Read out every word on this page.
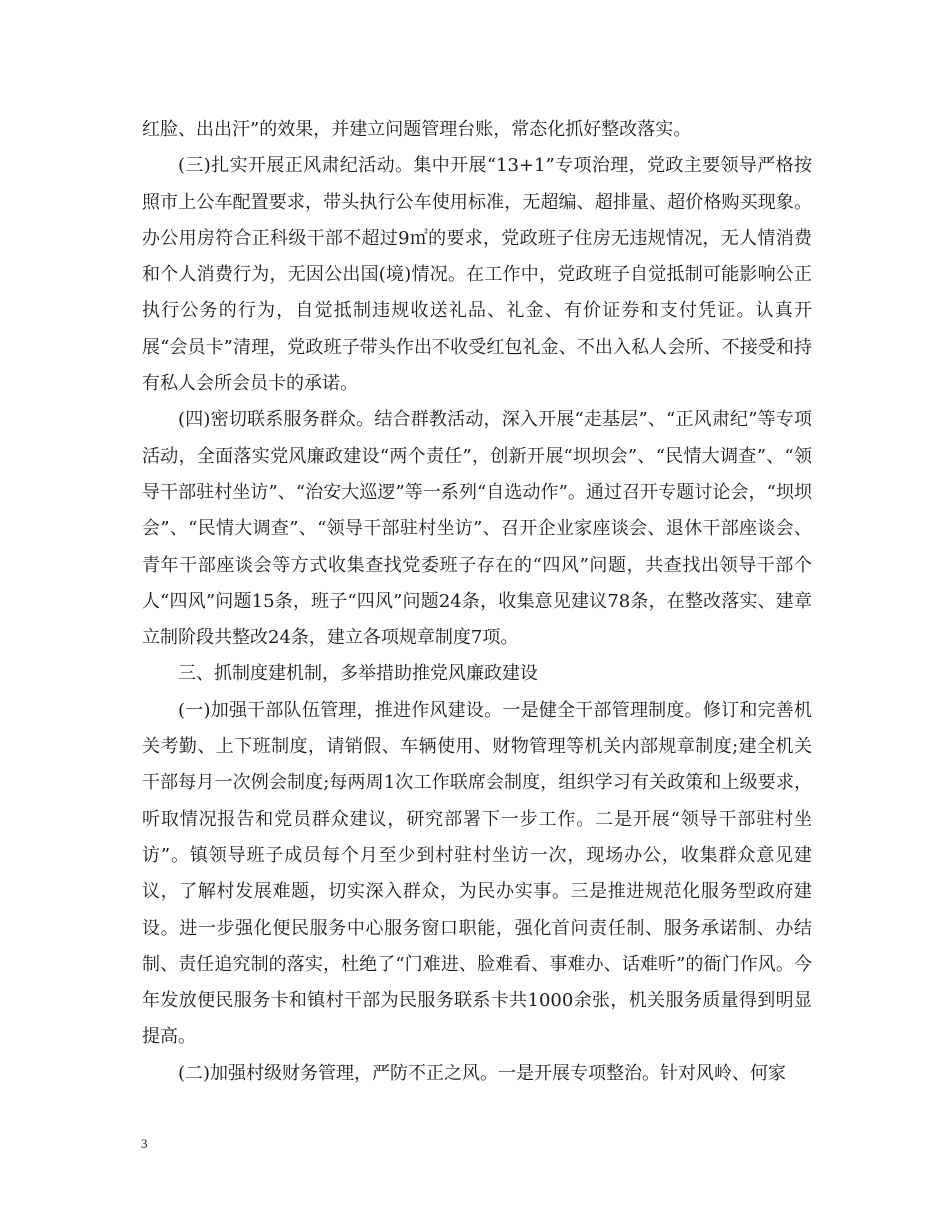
红脸、出出汗”的效果，并建立问题管理台账，常态化抓好整改落实。

(三)扎实开展正风肃纪活动。集中开展“13+1”专项治理，党政主要领导严格按照市上公车配置要求，带头执行公车使用标准，无超编、超排量、超价格购买现象。办公用房符合正科级干部不超过9㎡的要求，党政班子住房无违规情况，无人情消费和个人消费行为，无因公出国(境)情况。在工作中，党政班子自觉抵制可能影响公正执行公务的行为，自觉抵制违规收送礼品、礼金、有价证券和支付凭证。认真开展“会员卡”清理，党政班子带头作出不收受红包礼金、不出入私人会所、不接受和持有私人会所会员卡的承诺。

(四)密切联系服务群众。结合群教活动，深入开展“走基层”、“正风肃纪”等专项活动，全面落实党风廉政建设“两个责任”，创新开展“坝坝会”、“民情大调查”、“领导干部驻村坐访”、“治安大巡逻”等一系列“自选动作”。通过召开专题讨论会，“坝坝会”、“民情大调查”、“领导干部驻村坐访”、召开企业家座谈会、退休干部座谈会、青年干部座谈会等方式收集查找党委班子存在的“四风”问题，共查找出领导干部个人“四风”问题15条，班子“四风”问题24条，收集意见建议78条，在整改落实、建章立制阶段共整改24条，建立各项规章制度7项。

三、抓制度建机制，多举措助推党风廉政建设

(一)加强干部队伍管理，推进作风建设。一是健全干部管理制度。修订和完善机关考勤、上下班制度，请销假、车辆使用、财物管理等机关内部规章制度;建全机关干部每月一次例会制度;每两周1次工作联席会制度，组织学习有关政策和上级要求，听取情况报告和党员群众建议，研究部署下一步工作。二是开展“领导干部驻村坐访”。镇领导班子成员每个月至少到村驻村坐访一次，现场办公，收集群众意见建议，了解村发展难题，切实深入群众，为民办实事。三是推进规范化服务型政府建设。进一步强化便民服务中心服务窗口职能，强化首问责任制、服务承诺制、办结制、责任追究制的落实，杜绝了“门难进、脸难看、事难办、话难听”的衙门作风。今年发放便民服务卡和镇村干部为民服务联系卡共1000余张，机关服务质量得到明显提高。

(二)加强村级财务管理，严防不正之风。一是开展专项整治。针对风岭、何家

3
